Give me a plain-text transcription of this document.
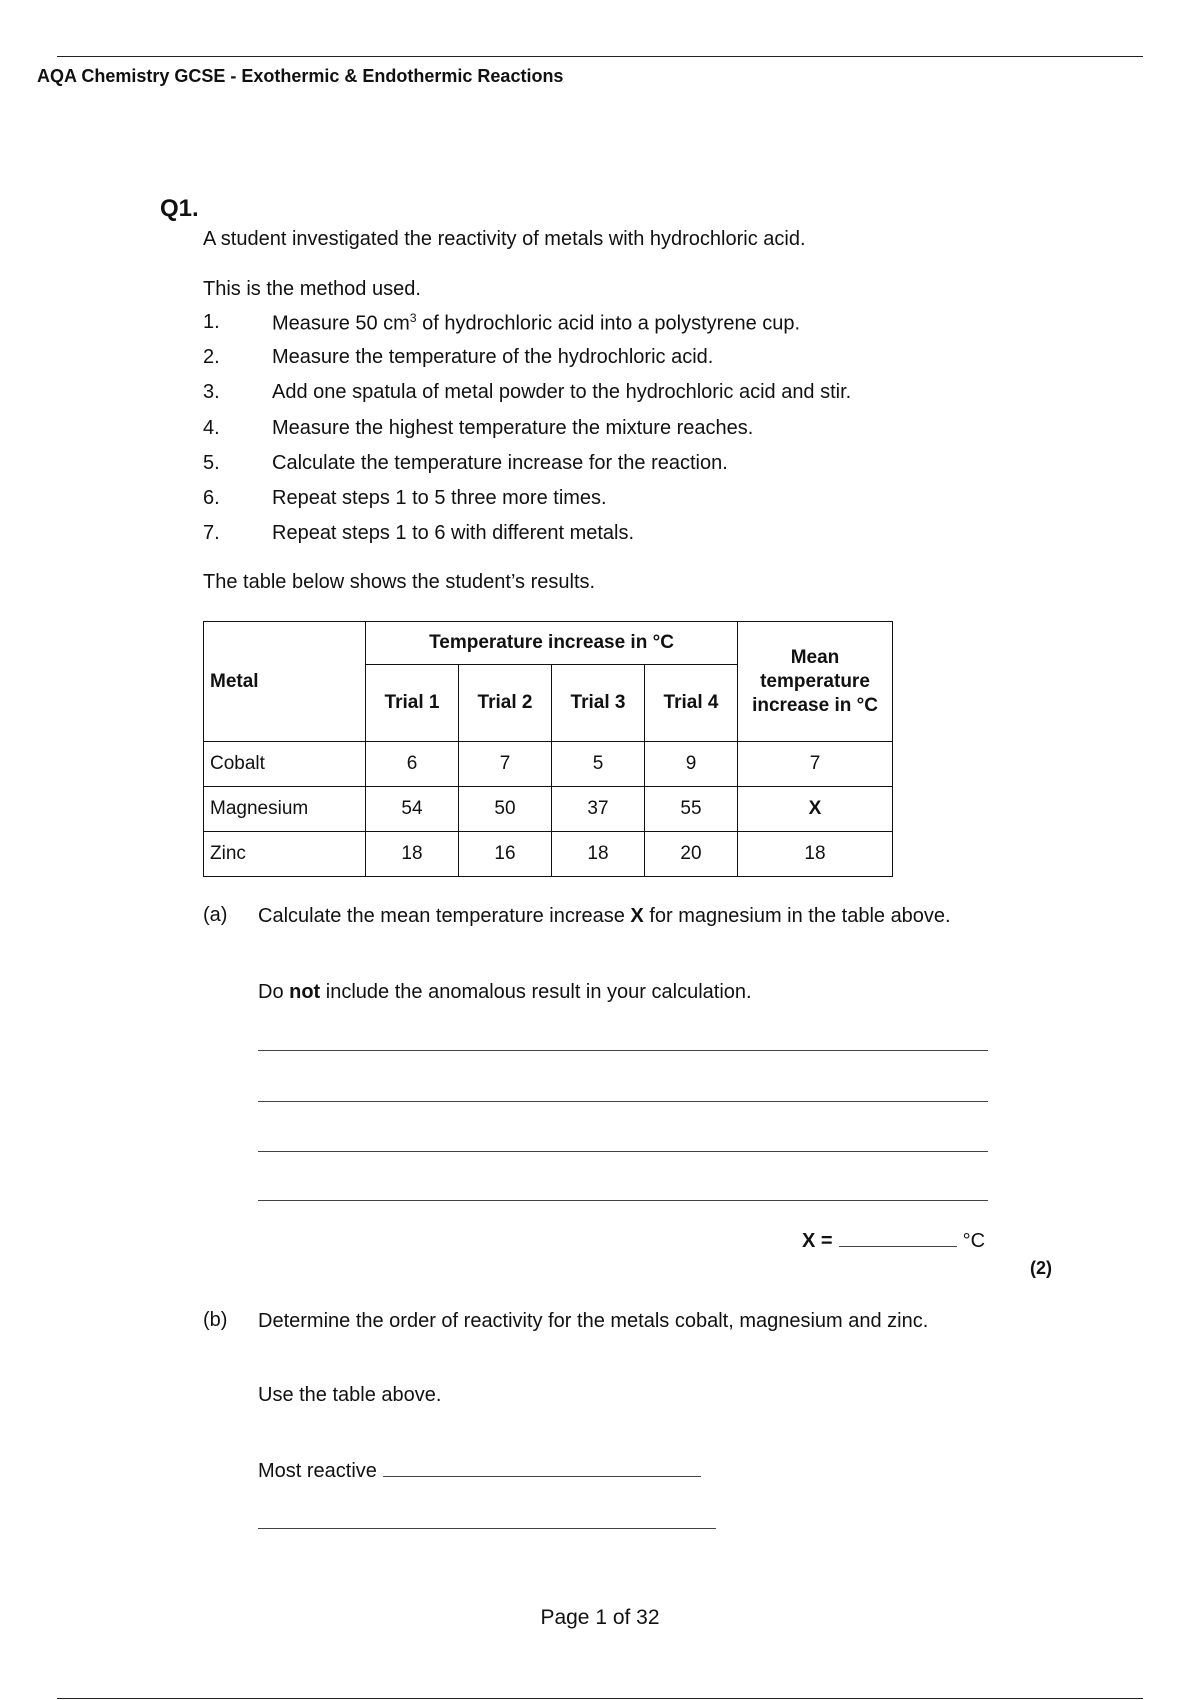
AQA Chemistry GCSE - Exothermic & Endothermic Reactions
Q1.
A student investigated the reactivity of metals with hydrochloric acid.
This is the method used.
1.	Measure 50 $cm^3$ of hydrochloric acid into a polystyrene cup.
2.	Measure the temperature of the hydrochloric acid.
3.	Add one spatula of metal powder to the hydrochloric acid and stir.
4.	Measure the highest temperature the mixture reaches.
5.	Calculate the temperature increase for the reaction.
6.	Repeat steps 1 to 5 three more times.
7.	Repeat steps 1 to 6 with different metals.
The table below shows the student’s results.
Metal	Temperature increase in °C				Mean temperature increase in °C
	Trial 1	Trial 2	Trial 3	Trial 4	
Cobalt	6	7	5	9	7
Magnesium	54	50	37	55	X
Zinc	18	16	18	20	18
(a) Calculate the mean temperature increase X for magnesium in the table above.
Do not include the anomalous result in your calculation.
X =	°C
(2)
(b) Determine the order of reactivity for the metals cobalt, magnesium and zinc.
Use the table above.
Most reactive
Page 1 of 32
